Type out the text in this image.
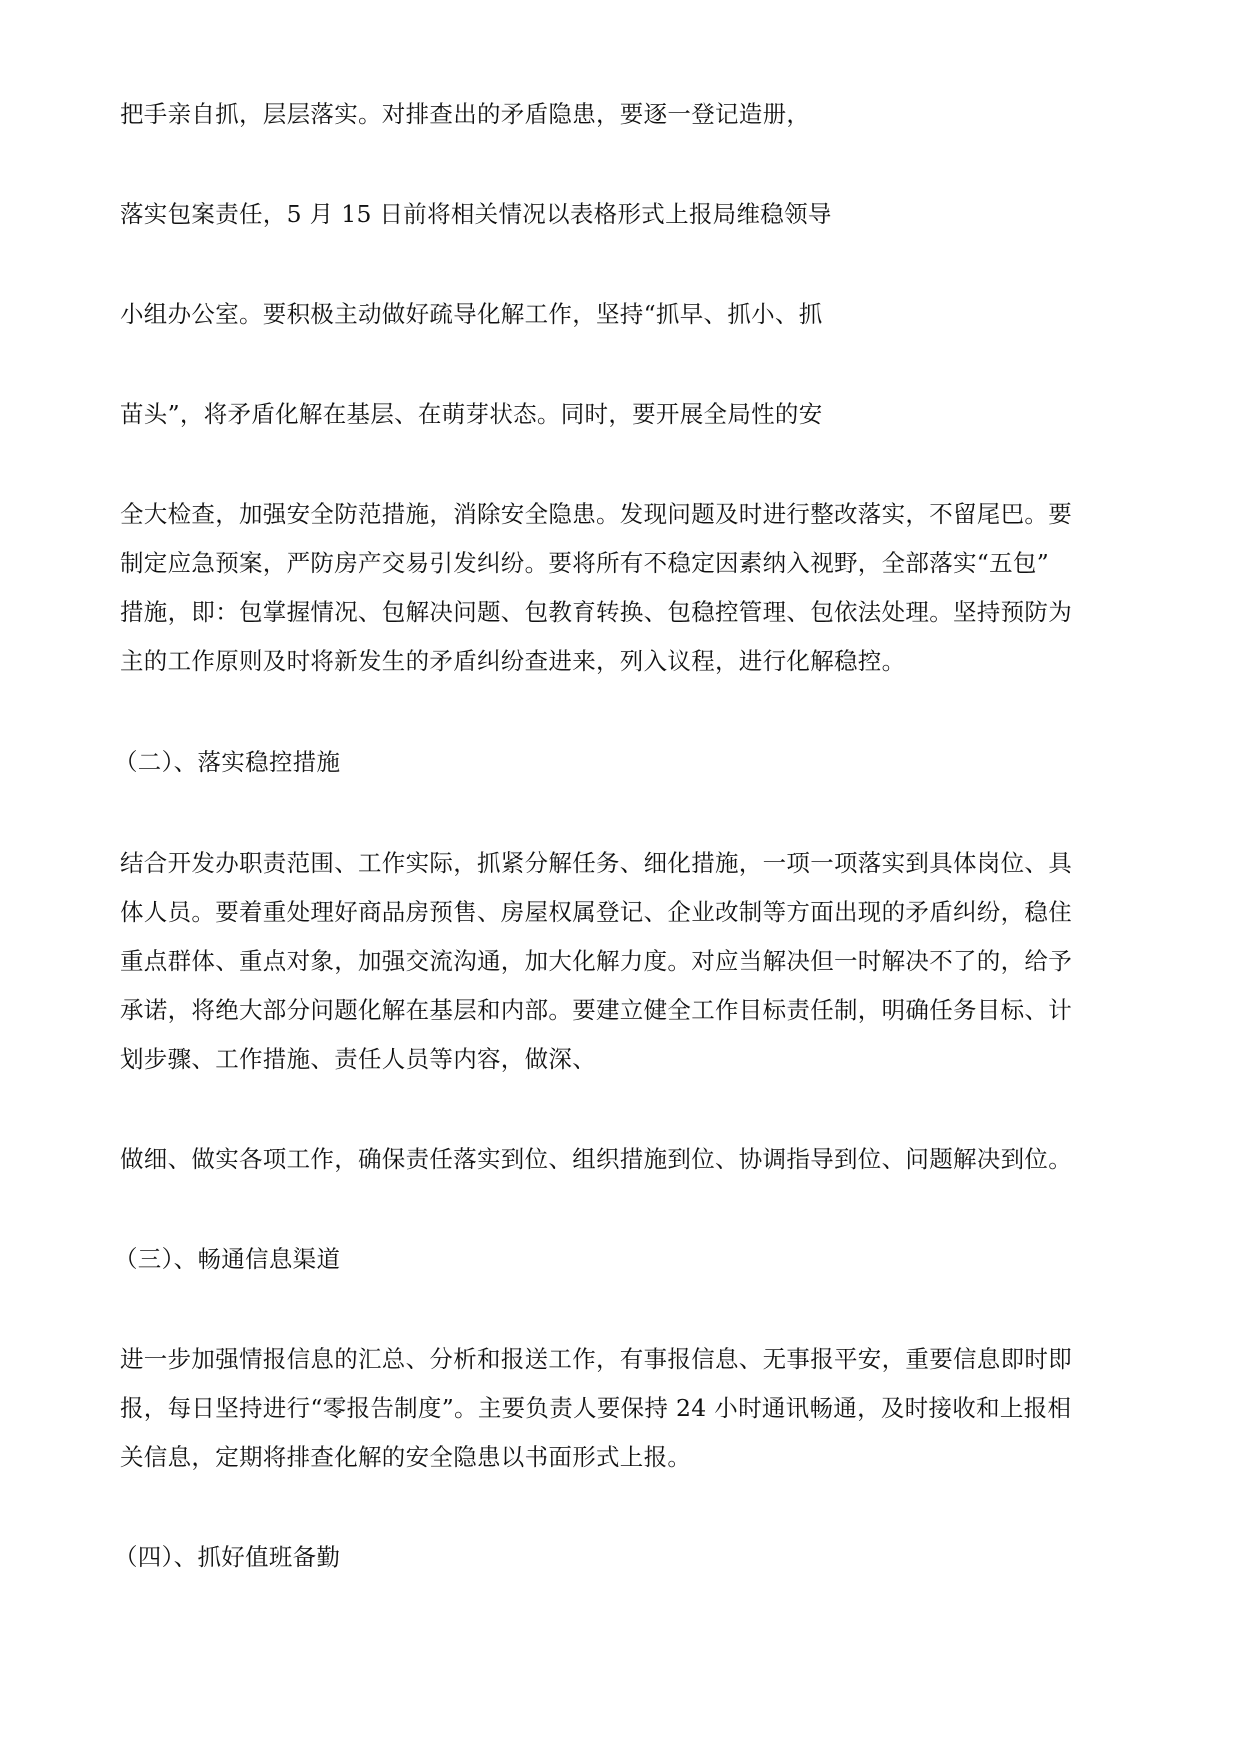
把手亲自抓，层层落实。对排查出的矛盾隐患，要逐一登记造册，
落实包案责任，5 月 15 日前将相关情况以表格形式上报局维稳领导
小组办公室。要积极主动做好疏导化解工作，坚持“抓早、抓小、抓
苗头”，将矛盾化解在基层、在萌芽状态。同时，要开展全局性的安
全大检查，加强安全防范措施，消除安全隐患。发现问题及时进行整改落实，不留尾巴。要
制定应急预案，严防房产交易引发纠纷。要将所有不稳定因素纳入视野，全部落实“五包”
措施，即：包掌握情况、包解决问题、包教育转换、包稳控管理、包依法处理。坚持预防为
主的工作原则及时将新发生的矛盾纠纷查进来，列入议程，进行化解稳控。
（二）、落实稳控措施
结合开发办职责范围、工作实际，抓紧分解任务、细化措施，一项一项落实到具体岗位、具
体人员。要着重处理好商品房预售、房屋权属登记、企业改制等方面出现的矛盾纠纷，稳住
重点群体、重点对象，加强交流沟通，加大化解力度。对应当解决但一时解决不了的，给予
承诺，将绝大部分问题化解在基层和内部。要建立健全工作目标责任制，明确任务目标、计
划步骤、工作措施、责任人员等内容，做深、
做细、做实各项工作，确保责任落实到位、组织措施到位、协调指导到位、问题解决到位。
（三）、畅通信息渠道
进一步加强情报信息的汇总、分析和报送工作，有事报信息、无事报平安，重要信息即时即
报，每日坚持进行“零报告制度”。主要负责人要保持 24 小时通讯畅通，及时接收和上报相
关信息，定期将排查化解的安全隐患以书面形式上报。
（四）、抓好值班备勤
